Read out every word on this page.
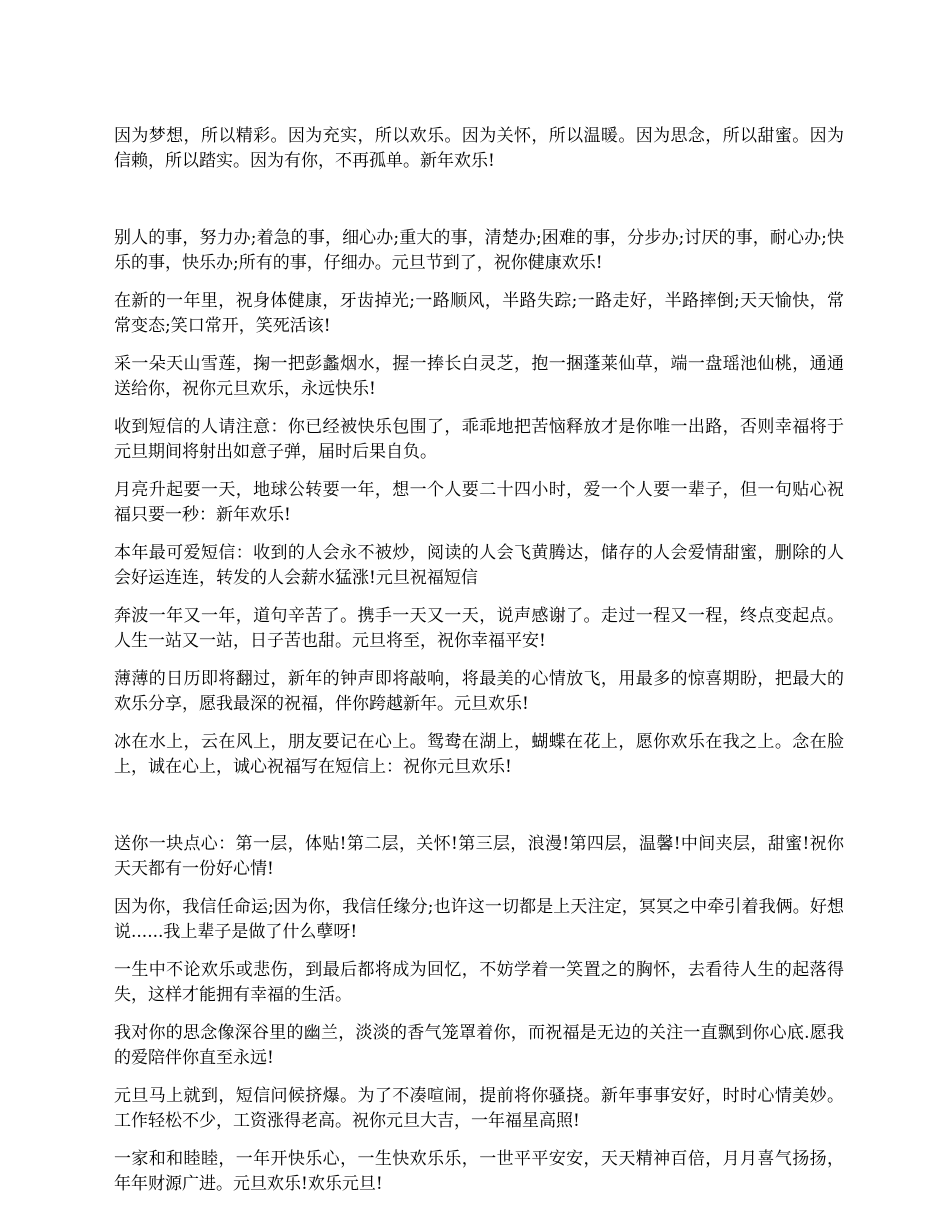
因为梦想，所以精彩。因为充实，所以欢乐。因为关怀，所以温暖。因为思念，所以甜蜜。因为信赖，所以踏实。因为有你，不再孤单。新年欢乐!

别人的事，努力办;着急的事，细心办;重大的事，清楚办;困难的事，分步办;讨厌的事，耐心办;快乐的事，快乐办;所有的事，仔细办。元旦节到了，祝你健康欢乐!

在新的一年里，祝身体健康，牙齿掉光;一路顺风，半路失踪;一路走好，半路摔倒;天天愉快，常常变态;笑口常开，笑死活该!

采一朵天山雪莲，掬一把彭蠡烟水，握一捧长白灵芝，抱一捆蓬莱仙草，端一盘瑶池仙桃，通通送给你，祝你元旦欢乐，永远快乐!

收到短信的人请注意：你已经被快乐包围了，乖乖地把苦恼释放才是你唯一出路，否则幸福将于元旦期间将射出如意子弹，届时后果自负。

月亮升起要一天，地球公转要一年，想一个人要二十四小时，爱一个人要一辈子，但一句贴心祝福只要一秒：新年欢乐!

本年最可爱短信：收到的人会永不被炒，阅读的人会飞黄腾达，储存的人会爱情甜蜜，删除的人会好运连连，转发的人会薪水猛涨!元旦祝福短信

奔波一年又一年，道句辛苦了。携手一天又一天，说声感谢了。走过一程又一程，终点变起点。人生一站又一站，日子苦也甜。元旦将至，祝你幸福平安!

薄薄的日历即将翻过，新年的钟声即将敲响，将最美的心情放飞，用最多的惊喜期盼，把最大的欢乐分享，愿我最深的祝福，伴你跨越新年。元旦欢乐!

冰在水上，云在风上，朋友要记在心上。鸳鸯在湖上，蝴蝶在花上，愿你欢乐在我之上。念在脸上，诚在心上，诚心祝福写在短信上：祝你元旦欢乐!

送你一块点心：第一层，体贴!第二层，关怀!第三层，浪漫!第四层，温馨!中间夹层，甜蜜!祝你天天都有一份好心情!

因为你，我信任命运;因为你，我信任缘分;也许这一切都是上天注定，冥冥之中牵引着我俩。好想说......我上辈子是做了什么孽呀!

一生中不论欢乐或悲伤，到最后都将成为回忆，不妨学着一笑置之的胸怀，去看待人生的起落得失，这样才能拥有幸福的生活。

我对你的思念像深谷里的幽兰，淡淡的香气笼罩着你，而祝福是无边的关注一直飘到你心底.愿我的爱陪伴你直至永远!

元旦马上就到，短信问候挤爆。为了不凑喧闹，提前将你骚挠。新年事事安好，时时心情美妙。工作轻松不少，工资涨得老高。祝你元旦大吉，一年福星高照!

一家和和睦睦，一年开快乐心，一生快欢乐乐，一世平平安安，天天精神百倍，月月喜气扬扬，年年财源广进。元旦欢乐!欢乐元旦!
